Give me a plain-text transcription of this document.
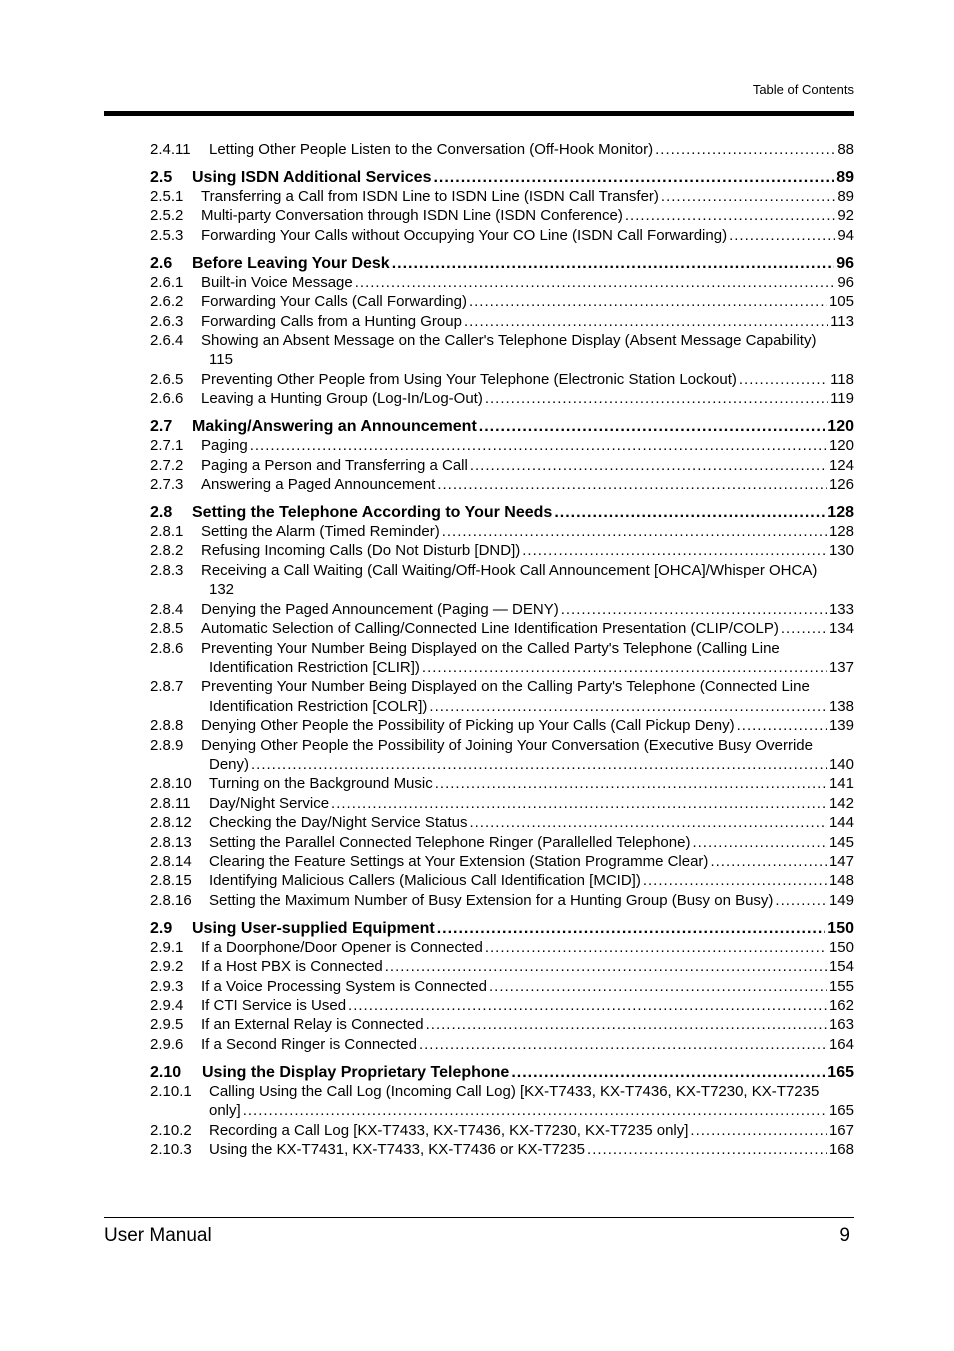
Table of Contents
2.4.11	Letting Other People Listen to the Conversation (Off-Hook Monitor) .....	88
2.5	Using ISDN Additional Services .....	89
2.5.1	Transferring a Call from ISDN Line to ISDN Line (ISDN Call Transfer) .....	89
2.5.2	Multi-party Conversation through ISDN Line (ISDN Conference) .....	92
2.5.3	Forwarding Your Calls without Occupying Your CO Line (ISDN Call Forwarding) .....	94
2.6	Before Leaving Your Desk .....	96
2.6.1	Built-in Voice Message .....	96
2.6.2	Forwarding Your Calls (Call Forwarding) .....	105
2.6.3	Forwarding Calls from a Hunting Group .....	113
2.6.4	Showing an Absent Message on the Caller's Telephone Display (Absent Message Capability)
115
2.6.5	Preventing Other People from Using Your Telephone (Electronic Station Lockout) .....	118
2.6.6	Leaving a Hunting Group (Log-In/Log-Out) .....	119
2.7	Making/Answering an Announcement .....	120
2.7.1	Paging .....	120
2.7.2	Paging a Person and Transferring a Call .....	124
2.7.3	Answering a Paged Announcement .....	126
2.8	Setting the Telephone According to Your Needs .....	128
2.8.1	Setting the Alarm (Timed Reminder) .....	128
2.8.2	Refusing Incoming Calls (Do Not Disturb [DND]) .....	130
2.8.3	Receiving a Call Waiting (Call Waiting/Off-Hook Call Announcement [OHCA]/Whisper OHCA)
132
2.8.4	Denying the Paged Announcement (Paging — DENY) .....	133
2.8.5	Automatic Selection of Calling/Connected Line Identification Presentation (CLIP/COLP) .....	134
2.8.6	Preventing Your Number Being Displayed on the Called Party's Telephone (Calling Line
Identification Restriction [CLIR]) .....	137
2.8.7	Preventing Your Number Being Displayed on the Calling Party's Telephone (Connected Line
Identification Restriction [COLR]) .....	138
2.8.8	Denying Other People the Possibility of Picking up Your Calls (Call Pickup Deny) .....	139
2.8.9	Denying Other People the Possibility of Joining Your Conversation (Executive Busy Override
Deny) .....	140
2.8.10	Turning on the Background Music .....	141
2.8.11	Day/Night Service .....	142
2.8.12	Checking the Day/Night Service Status .....	144
2.8.13	Setting the Parallel Connected Telephone Ringer (Parallelled Telephone) .....	145
2.8.14	Clearing the Feature Settings at Your Extension (Station Programme Clear) .....	147
2.8.15	Identifying Malicious Callers (Malicious Call Identification [MCID]) .....	148
2.8.16	Setting the Maximum Number of Busy Extension for a Hunting Group (Busy on Busy) .....	149
2.9	Using User-supplied Equipment .....	150
2.9.1	If a Doorphone/Door Opener is Connected .....	150
2.9.2	If a Host PBX is Connected .....	154
2.9.3	If a Voice Processing System is Connected .....	155
2.9.4	If CTI Service is Used .....	162
2.9.5	If an External Relay is Connected .....	163
2.9.6	If a Second Ringer is Connected .....	164
2.10	Using the Display Proprietary Telephone .....	165
2.10.1	Calling Using the Call Log (Incoming Call Log) [KX-T7433, KX-T7436, KX-T7230, KX-T7235
only] .....	165
2.10.2	Recording a Call Log [KX-T7433, KX-T7436, KX-T7230, KX-T7235 only] .....	167
2.10.3	Using the KX-T7431, KX-T7433, KX-T7436 or KX-T7235 .....	168
User Manual	9
